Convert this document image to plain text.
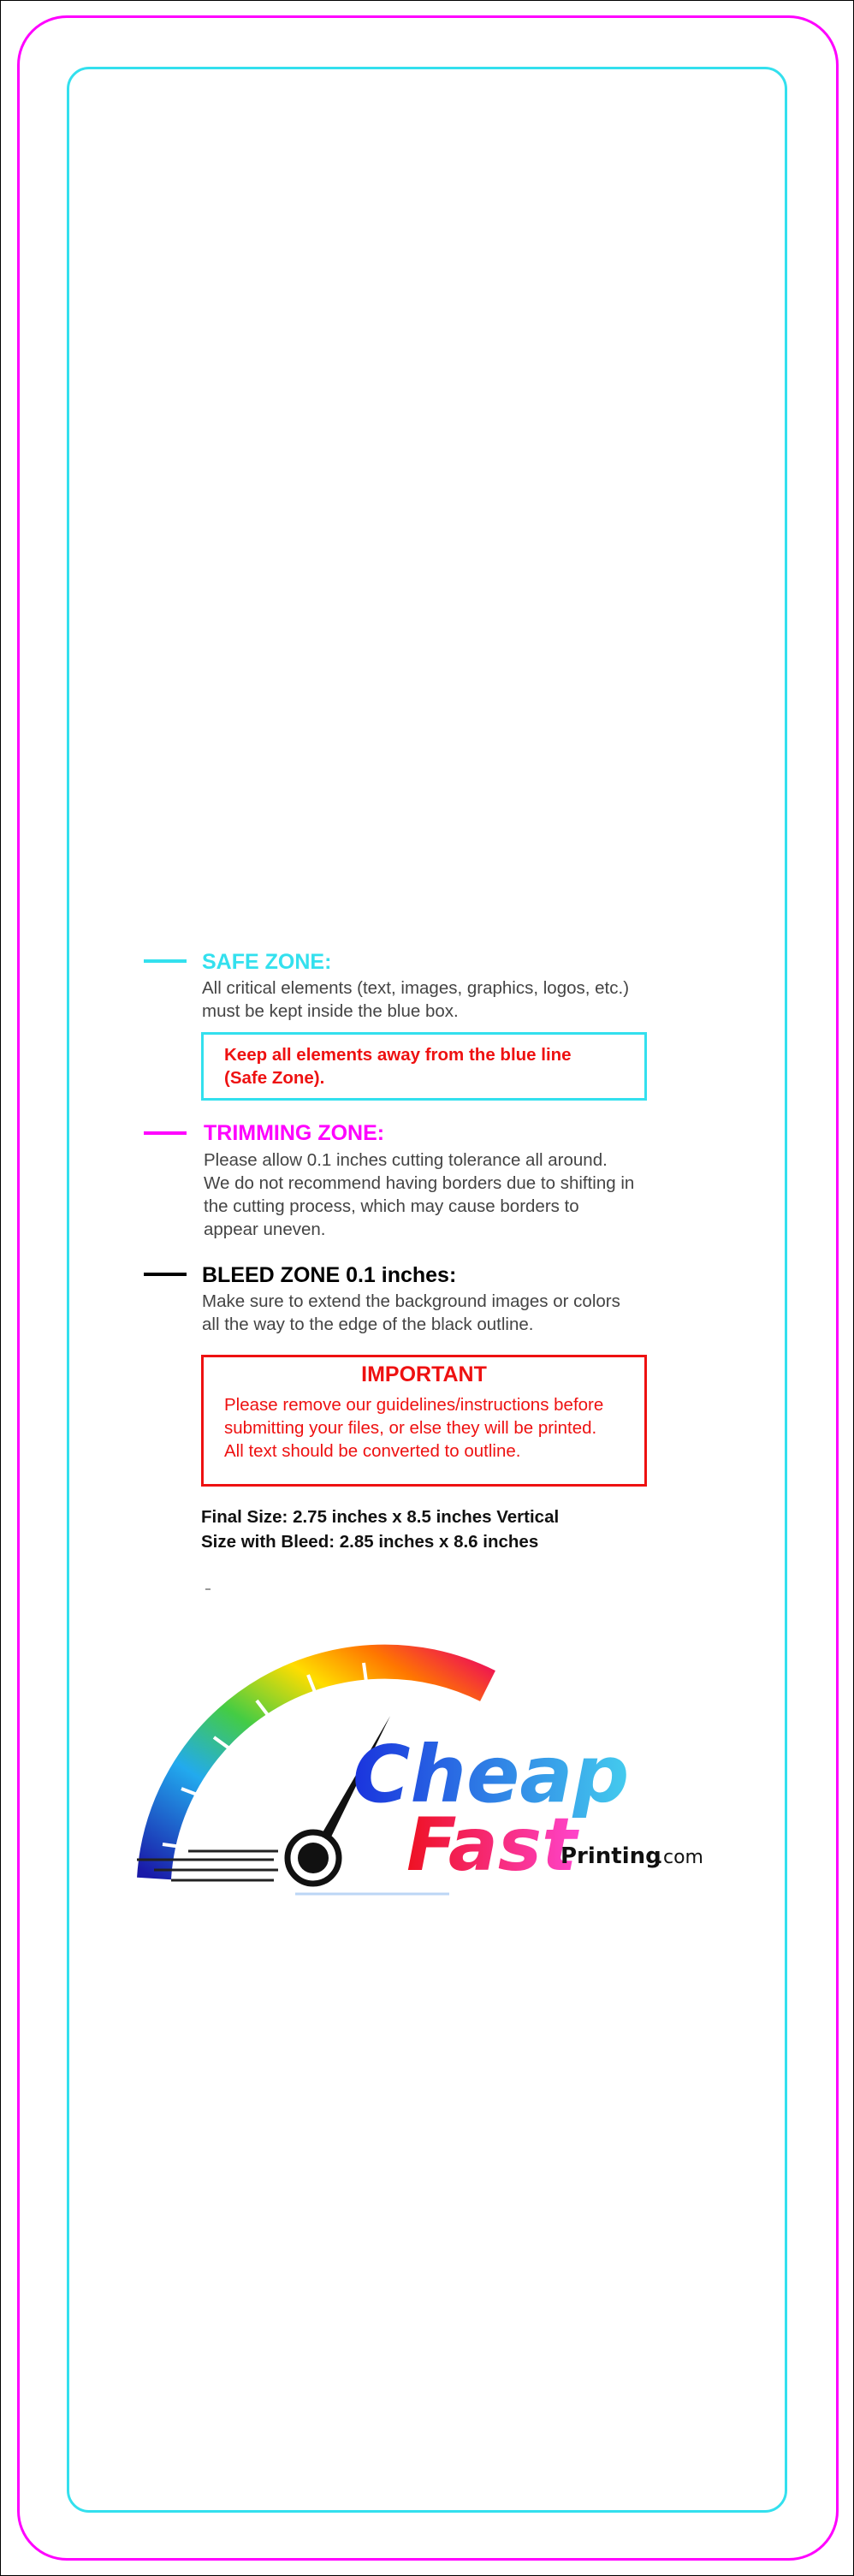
SAFE ZONE:
All critical elements (text, images, graphics, logos, etc.)
must be kept inside the blue box.
Keep all elements away from the blue line
(Safe Zone).
TRIMMING ZONE:
Please allow 0.1 inches cutting tolerance all around.
We do not recommend having borders due to shifting in
the cutting process, which may cause borders to
appear uneven.
BLEED ZONE 0.1 inches:
Make sure to extend the background images or colors
all the way to the edge of the black outline.
IMPORTANT
Please remove our guidelines/instructions before
submitting your files, or else they will be printed.
All text should be converted to outline.
Final Size: 2.75 inches x 8.5 inches Vertical
Size with Bleed: 2.85 inches x 8.6 inches
Cheap
Fast
Printing
.com
